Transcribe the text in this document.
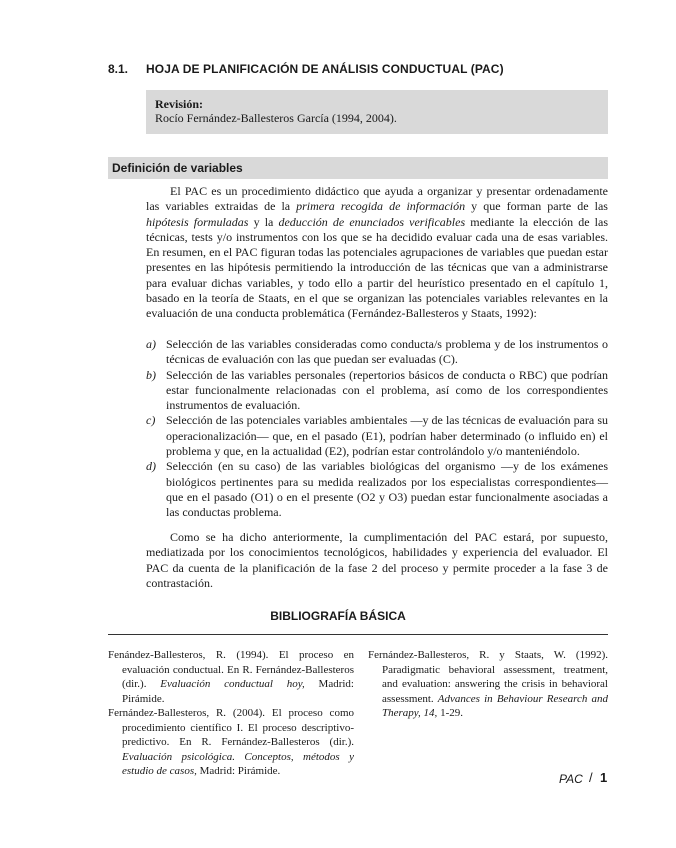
8.1. HOJA DE PLANIFICACIÓN DE ANÁLISIS CONDUCTUAL (PAC)
Revisión:
Rocío Fernández-Ballesteros García (1994, 2004).
Definición de variables
El PAC es un procedimiento didáctico que ayuda a organizar y presentar ordenadamente las variables extraidas de la primera recogida de información y que forman parte de las hipótesis formuladas y la deducción de enunciados verificables mediante la elección de las técnicas, tests y/o instrumentos con los que se ha decidido evaluar cada una de esas variables. En resumen, en el PAC figuran todas las potenciales agrupaciones de variables que puedan estar presentes en las hipótesis permitiendo la introducción de las técnicas que van a administrarse para evaluar dichas variables, y todo ello a partir del heurístico presentado en el capítulo 1, basado en la teoría de Staats, en el que se organizan las potenciales variables relevantes en la evaluación de una conducta problemática (Fernández-Ballesteros y Staats, 1992):
a) Selección de las variables consideradas como conducta/s problema y de los instrumentos o técnicas de evaluación con las que puedan ser evaluadas (C).
b) Selección de las variables personales (repertorios básicos de conducta o RBC) que podrían estar funcionalmente relacionadas con el problema, así como de los correspondientes instrumentos de evaluación.
c) Selección de las potenciales variables ambientales —y de las técnicas de evaluación para su operacionalización— que, en el pasado (E1), podrían haber determinado (o influido en) el problema y que, en la actualidad (E2), podrían estar controlándolo y/o manteniéndolo.
d) Selección (en su caso) de las variables biológicas del organismo —y de los exámenes biológicos pertinentes para su medida realizados por los especialistas correspondientes— que en el pasado (O1) o en el presente (O2 y O3) puedan estar funcionalmente asociadas a las conductas problema.
Como se ha dicho anteriormente, la cumplimentación del PAC estará, por supuesto, mediatizada por los conocimientos tecnológicos, habilidades y experiencia del evaluador. El PAC da cuenta de la planificación de la fase 2 del proceso y permite proceder a la fase 3 de contrastación.
BIBLIOGRAFÍA BÁSICA
Fenández-Ballesteros, R. (1994). El proceso en evaluación conductual. En R. Fernández-Ballesteros (dir.). Evaluación conductual hoy, Madrid: Pirámide.
Fernández-Ballesteros, R. (2004). El proceso como procedimiento científico I. El proceso descriptivo-predictivo. En R. Fernández-Ballesteros (dir.). Evaluación psicológica. Conceptos, métodos y estudio de casos, Madrid: Pirámide.
Fernández-Ballesteros, R. y Staats, W. (1992). Paradigmatic behavioral assessment, treatment, and evaluation: answering the crisis in behavioral assessment. Advances in Behaviour Research and Therapy, 14, 1-29.
PAC / 1
